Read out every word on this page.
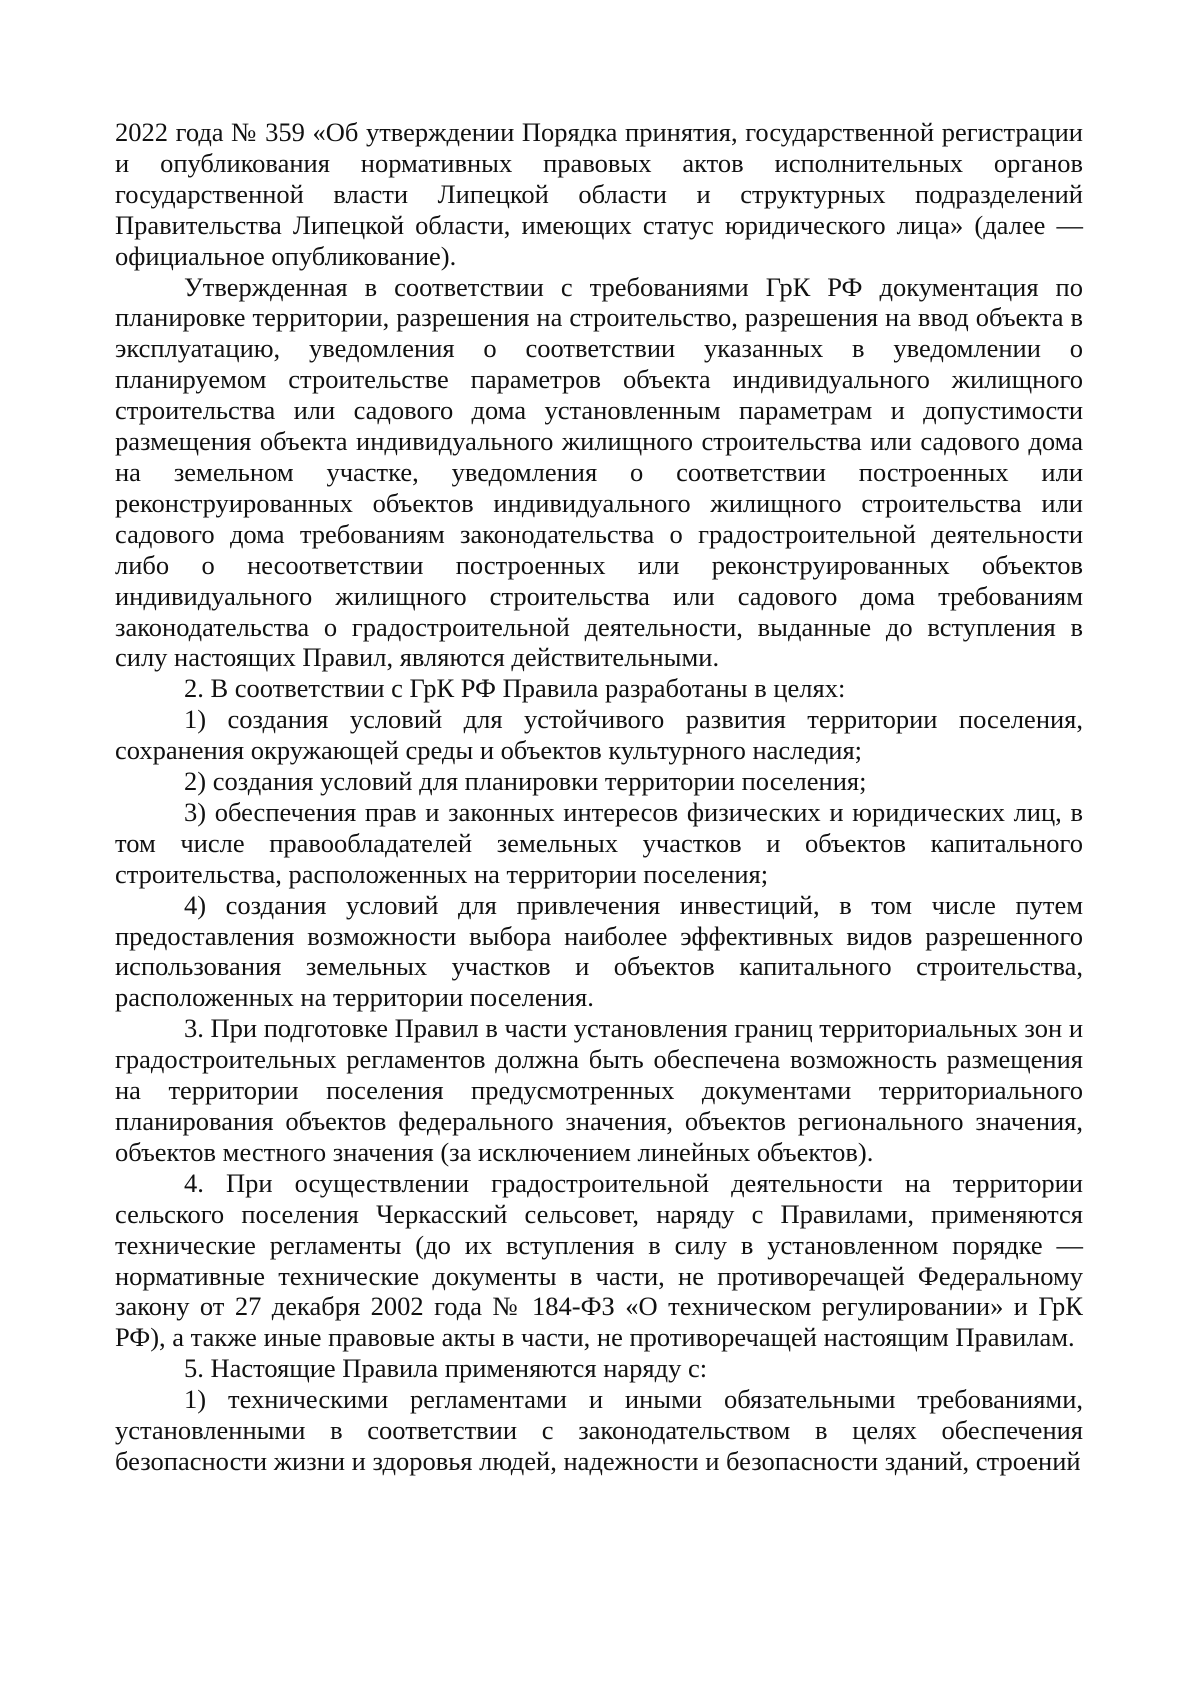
2022 года № 359 «Об утверждении Порядка принятия, государственной регистрации и опубликования нормативных правовых актов исполнительных органов государственной власти Липецкой области и структурных подразделений Правительства Липецкой области, имеющих статус юридического лица» (далее — официальное опубликование).

Утвержденная в соответствии с требованиями ГрК РФ документация по планировке территории, разрешения на строительство, разрешения на ввод объекта в эксплуатацию, уведомления о соответствии указанных в уведомлении о планируемом строительстве параметров объекта индивидуального жилищного строительства или садового дома установленным параметрам и допустимости размещения объекта индивидуального жилищного строительства или садового дома на земельном участке, уведомления о соответствии построенных или реконструированных объектов индивидуального жилищного строительства или садового дома требованиям законодательства о градостроительной деятельности либо о несоответствии построенных или реконструированных объектов индивидуального жилищного строительства или садового дома требованиям законодательства о градостроительной деятельности, выданные до вступления в силу настоящих Правил, являются действительными.

2. В соответствии с ГрК РФ Правила разработаны в целях:

1) создания условий для устойчивого развития территории поселения, сохранения окружающей среды и объектов культурного наследия;

2) создания условий для планировки территории поселения;

3) обеспечения прав и законных интересов физических и юридических лиц, в том числе правообладателей земельных участков и объектов капитального строительства, расположенных на территории поселения;

4) создания условий для привлечения инвестиций, в том числе путем предоставления возможности выбора наиболее эффективных видов разрешенного использования земельных участков и объектов капитального строительства, расположенных на территории поселения.

3. При подготовке Правил в части установления границ территориальных зон и градостроительных регламентов должна быть обеспечена возможность размещения на территории поселения предусмотренных документами территориального планирования объектов федерального значения, объектов регионального значения, объектов местного значения (за исключением линейных объектов).

4. При осуществлении градостроительной деятельности на территории сельского поселения Черкасский сельсовет, наряду с Правилами, применяются технические регламенты (до их вступления в силу в установленном порядке — нормативные технические документы в части, не противоречащей Федеральному закону от 27 декабря 2002 года № 184-ФЗ «О техническом регулировании» и ГрК РФ), а также иные правовые акты в части, не противоречащей настоящим Правилам.

5. Настоящие Правила применяются наряду с:

1) техническими регламентами и иными обязательными требованиями, установленными в соответствии с законодательством в целях обеспечения безопасности жизни и здоровья людей, надежности и безопасности зданий, строений
